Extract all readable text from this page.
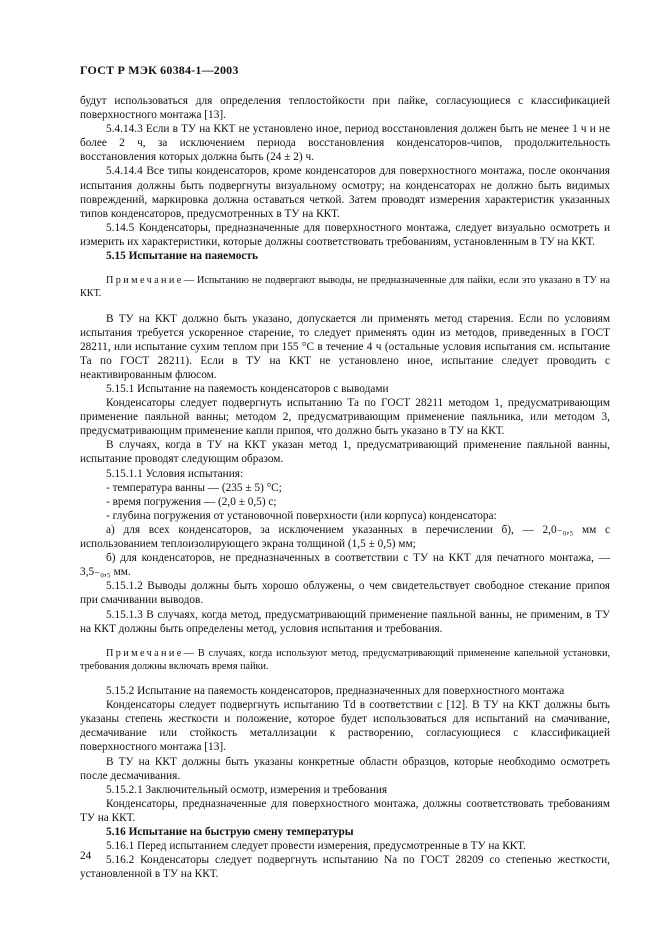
ГОСТ Р МЭК 60384-1—2003

будут использоваться для определения теплостойкости при пайке, согласующиеся с классификацией поверхностного монтажа [13].

5.4.14.3 Если в ТУ на ККТ не установлено иное, период восстановления должен быть не менее 1 ч и не более 2 ч, за исключением периода восстановления конденсаторов-чипов, продолжительность восстановления которых должна быть (24 ± 2) ч.

5.4.14.4 Все типы конденсаторов, кроме конденсаторов для поверхностного монтажа, после окончания испытания должны быть подвергнуты визуальному осмотру; на конденсаторах не должно быть видимых повреждений, маркировка должна оставаться четкой. Затем проводят измерения характеристик указанных типов конденсаторов, предусмотренных в ТУ на ККТ.

5.14.5 Конденсаторы, предназначенные для поверхностного монтажа, следует визуально осмотреть и измерить их характеристики, которые должны соответствовать требованиям, установленным в ТУ на ККТ.

5.15 Испытание на паяемость

Примечание— Испытанию не подвергают выводы, не предназначенные для пайки, если это указано в ТУ на ККТ.

В ТУ на ККТ должно быть указано, допускается ли применять метод старения. Если по условиям испытания требуется ускоренное старение, то следует применять один из методов, приведенных в ГОСТ 28211, или испытание сухим теплом при 155 °С в течение 4 ч (остальные условия испытания см. испытание Та по ГОСТ 28211). Если в ТУ на ККТ не установлено иное, испытание следует проводить с неактивированным флюсом.

5.15.1 Испытание на паяемость конденсаторов с выводами

Конденсаторы следует подвергнуть испытанию Та по ГОСТ 28211 методом 1, предусматривающим применение паяльной ванны; методом 2, предусматривающим применение паяльника, или методом 3, предусматривающим применение капли припоя, что должно быть указано в ТУ на ККТ.

В случаях, когда в ТУ на ККТ указан метод 1, предусматривающий применение паяльной ванны, испытание проводят следующим образом.

5.15.1.1 Условия испытания:

- температура ванны — (235 ± 5) °С;

- время погружения — (2,0 ± 0,5) с;

- глубина погружения от установочной поверхности (или корпуса) конденсатора:

а) для всех конденсаторов, за исключением указанных в перечислении б), — 2,0₋₀,₅ мм с использованием теплоизолирующего экрана толщиной (1,5 ± 0,5) мм;

б) для конденсаторов, не предназначенных в соответствии с ТУ на ККТ для печатного монтажа, — 3,5₋₀,₅ мм.

5.15.1.2 Выводы должны быть хорошо облужены, о чем свидетельствует свободное стекание припоя при смачивании выводов.

5.15.1.3 В случаях, когда метод, предусматривающий применение паяльной ванны, не применим, в ТУ на ККТ должны быть определены метод, условия испытания и требования.

Примечание— В случаях, когда используют метод, предусматривающий применение капельной установки, требования должны включать время пайки.

5.15.2 Испытание на паяемость конденсаторов, предназначенных для поверхностного монтажа

Конденсаторы следует подвергнуть испытанию Td в соответствии с [12]. В ТУ на ККТ должны быть указаны степень жесткости и положение, которое будет использоваться для испытаний на смачивание, десмачивание или стойкость металлизации к растворению, согласующиеся с классификацией поверхностного монтажа [13].

В ТУ на ККТ должны быть указаны конкретные области образцов, которые необходимо осмотреть после десмачивания.

5.15.2.1 Заключительный осмотр, измерения и требования

Конденсаторы, предназначенные для поверхностного монтажа, должны соответствовать требованиям ТУ на ККТ.

5.16 Испытание на быструю смену температуры

5.16.1 Перед испытанием следует провести измерения, предусмотренные в ТУ на ККТ.

5.16.2 Конденсаторы следует подвергнуть испытанию Na по ГОСТ 28209 со степенью жесткости, установленной в ТУ на ККТ.

24
